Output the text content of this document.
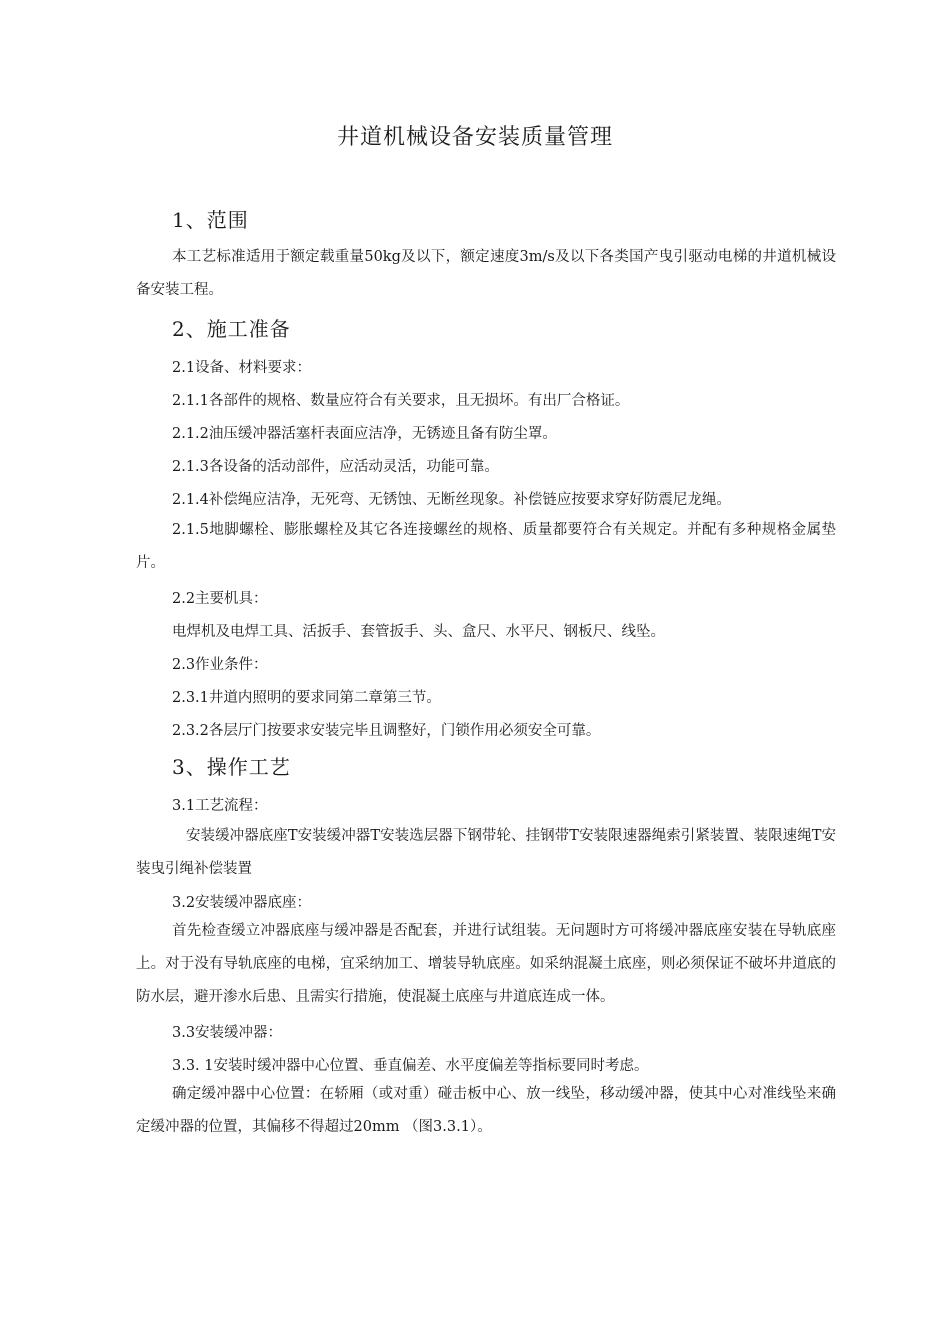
井道机械设备安装质量管理
1、范围
本工艺标准适用于额定载重量50kg及以下，额定速度3m/s及以下各类国产曳引驱动电梯的井道机械设备安装工程。
2、施工准备
2.1设备、材料要求：
2.1.1各部件的规格、数量应符合有关要求，且无损坏。有出厂合格证。
2.1.2油压缓冲器活塞杆表面应洁净，无锈迹且备有防尘罩。
2.1.3各设备的活动部件，应活动灵活，功能可靠。
2.1.4补偿绳应洁净，无死弯、无锈蚀、无断丝现象。补偿链应按要求穿好防震尼龙绳。
2.1.5地脚螺栓、膨胀螺栓及其它各连接螺丝的规格、质量都要符合有关规定。并配有多种规格金属垫片。
2.2主要机具：
电焊机及电焊工具、活扳手、套管扳手、头、盒尺、水平尺、钢板尺、线坠。
2.3作业条件：
2.3.1井道内照明的要求同第二章第三节。
2.3.2各层厅门按要求安装完毕且调整好，门锁作用必须安全可靠。
3、操作工艺
3.1工艺流程：
安装缓冲器底座T安装缓冲器T安装选层器下钢带轮、挂钢带T安装限速器绳索引紧装置、装限速绳T安装曳引绳补偿装置
3.2安装缓冲器底座：
首先检查缓立冲器底座与缓冲器是否配套，并进行试组装。无问题时方可将缓冲器底座安装在导轨底座上。对于没有导轨底座的电梯，宜采纳加工、增装导轨底座。如采纳混凝土底座，则必须保证不破坏井道底的防水层，避开渗水后患、且需实行措施，使混凝土底座与井道底连成一体。
3.3安装缓冲器：
3.3. 1安装时缓冲器中心位置、垂直偏差、水平度偏差等指标要同时考虑。
确定缓冲器中心位置：在轿厢（或对重）碰击板中心、放一线坠，移动缓冲器，使其中心对准线坠来确定缓冲器的位置，其偏移不得超过20mm （图3.3.1）。
